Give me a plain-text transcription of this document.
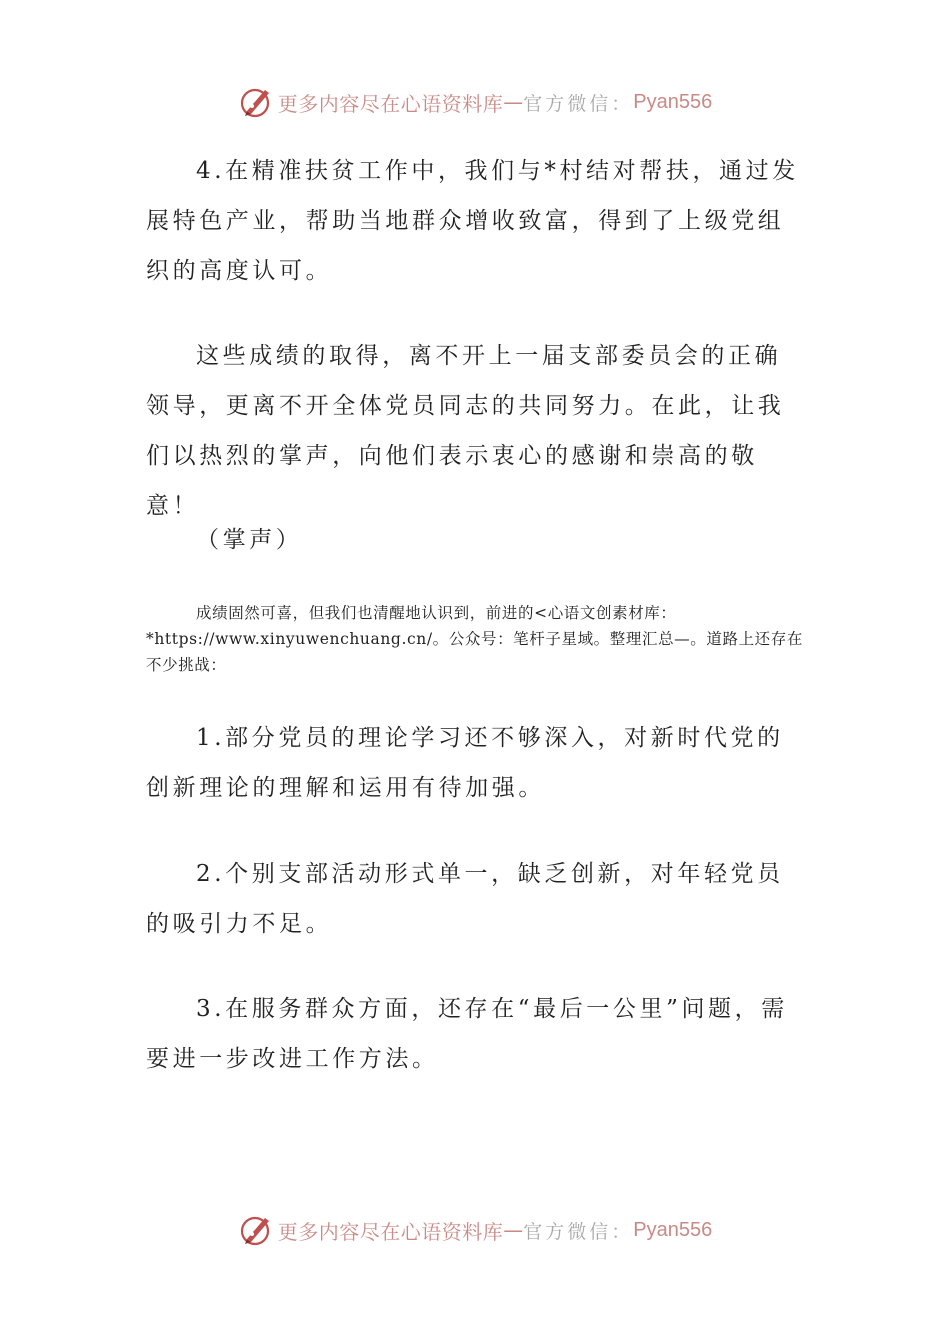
更多内容尽在心语资料库 — 官方微信： Pyan556

4.在精准扶贫工作中，我们与*村结对帮扶，通过发展特色产业，帮助当地群众增收致富，得到了上级党组织的高度认可。

这些成绩的取得，离不开上一届支部委员会的正确领导，更离不开全体党员同志的共同努力。在此，让我们以热烈的掌声，向他们表示衷心的感谢和崇高的敬意！

（掌声）

成绩固然可喜，但我们也清醒地认识到，前进的<心语文创素材库：*https://www.xinyuwenchuang.cn/。公众号：笔杆子星域。整理汇总—。道路上还存在不少挑战：

1.部分党员的理论学习还不够深入，对新时代党的创新理论的理解和运用有待加强。

2.个别支部活动形式单一，缺乏创新，对年轻党员的吸引力不足。

3.在服务群众方面，还存在“最后一公里”问题，需要进一步改进工作方法。

更多内容尽在心语资料库 — 官方微信： Pyan556
